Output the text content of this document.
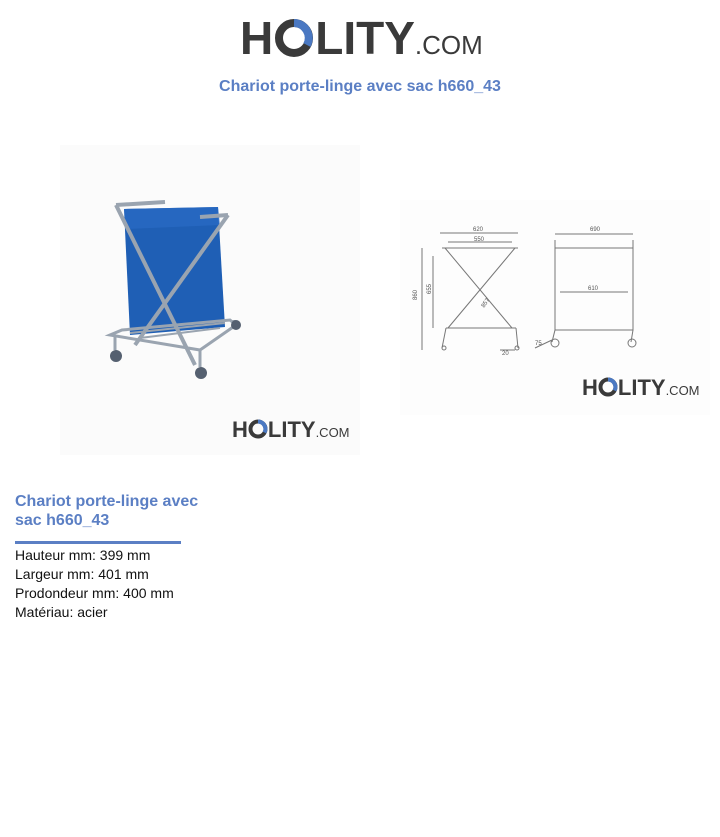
H LITY .COM
Chariot porte-linge avec sac h660_43
H LITY .COM
620
550
860
655
857
20
690
610
75
H LITY .COM
Chariot porte-linge avec sac h660_43
Hauteur mm: 399 mm
Largeur mm: 401 mm
Prodondeur mm: 400 mm
Matériau: acier
